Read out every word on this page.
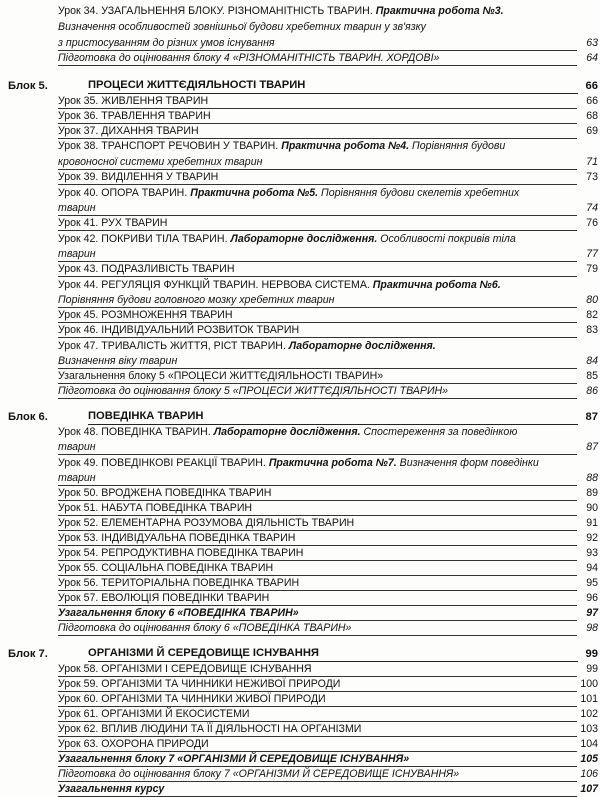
Урок 34. УЗАГАЛЬНЕННЯ БЛОКУ. РІЗНОМАНІТНІСТЬ ТВАРИН. Практична робота №3.
Визначення особливостей зовнішньої будови хребетних тварин у зв'язку
з пристосуванням до різних умов існування	63
Підготовка до оцінювання блоку 4 «РІЗНОМАНІТНІСТЬ ТВАРИН. ХОРДОВІ»	64
Блок 5.	ПРОЦЕСИ ЖИТТЄДІЯЛЬНОСТІ ТВАРИН	66
Урок 35. ЖИВЛЕННЯ ТВАРИН	66
Урок 36. ТРАВЛЕННЯ ТВАРИН	68
Урок 37. ДИХАННЯ ТВАРИН	69
Урок 38. ТРАНСПОРТ РЕЧОВИН У ТВАРИН. Практична робота №4. Порівняння будови
кровоносної системи хребетних тварин	71
Урок 39. ВИДІЛЕННЯ У ТВАРИН	73
Урок 40. ОПОРА ТВАРИН. Практична робота №5. Порівняння будови скелетів хребетних
тварин	74
Урок 41. РУХ ТВАРИН	76
Урок 42. ПОКРИВИ ТІЛА ТВАРИН. Лабораторне дослідження. Особливості покривів тіла
тварин	77
Урок 43. ПОДРАЗЛИВІСТЬ ТВАРИН	79
Урок 44. РЕГУЛЯЦІЯ ФУНКЦІЙ ТВАРИН. НЕРВОВА СИСТЕМА. Практична робота №6.
Порівняння будови головного мозку хребетних тварин	80
Урок 45. РОЗМНОЖЕННЯ ТВАРИН	82
Урок 46. ІНДИВІДУАЛЬНИЙ РОЗВИТОК ТВАРИН	83
Урок 47. ТРИВАЛІСТЬ ЖИТТЯ, РІСТ ТВАРИН. Лабораторне дослідження.
Визначення віку тварин	84
Узагальнення блоку 5 «ПРОЦЕСИ ЖИТТЄДІЯЛЬНОСТІ ТВАРИН»	85
Підготовка до оцінювання блоку 5 «ПРОЦЕСИ ЖИТТЄДІЯЛЬНОСТІ ТВАРИН»	86
Блок 6.	ПОВЕДІНКА ТВАРИН	87
Урок 48. ПОВЕДІНКА ТВАРИН. Лабораторне дослідження. Спостереження за поведінкою
тварин	87
Урок 49. ПОВЕДІНКОВІ РЕАКЦІЇ ТВАРИН. Практична робота №7. Визначення форм поведінки
тварин	88
Урок 50. ВРОДЖЕНА ПОВЕДІНКА ТВАРИН	89
Урок 51. НАБУТА ПОВЕДІНКА ТВАРИН	90
Урок 52. ЕЛЕМЕНТАРНА РОЗУМОВА ДІЯЛЬНІСТЬ ТВАРИН	91
Урок 53. ІНДИВІДУАЛЬНА ПОВЕДІНКА ТВАРИН	92
Урок 54. РЕПРОДУКТИВНА ПОВЕДІНКА ТВАРИН	93
Урок 55. СОЦІАЛЬНА ПОВЕДІНКА ТВАРИН	94
Урок 56. ТЕРИТОРІАЛЬНА ПОВЕДІНКА ТВАРИН	95
Урок 57. ЕВОЛЮЦІЯ ПОВЕДІНКИ ТВАРИН	96
Узагальнення блоку 6 «ПОВЕДІНКА ТВАРИН»	97
Підготовка до оцінювання блоку 6 «ПОВЕДІНКА ТВАРИН»	98
Блок 7.	ОРГАНІЗМИ Й СЕРЕДОВИЩЕ ІСНУВАННЯ	99
Урок 58. ОРГАНІЗМИ І СЕРЕДОВИЩЕ ІСНУВАННЯ	99
Урок 59. ОРГАНІЗМИ ТА ЧИННИКИ НЕЖИВОЇ ПРИРОДИ	100
Урок 60. ОРГАНІЗМИ ТА ЧИННИКИ ЖИВОЇ ПРИРОДИ	101
Урок 61. ОРГАНІЗМИ Й ЕКОСИСТЕМИ	102
Урок 62. ВПЛИВ ЛЮДИНИ ТА ЇЇ ДІЯЛЬНОСТІ НА ОРГАНІЗМИ	103
Урок 63. ОХОРОНА ПРИРОДИ	104
Узагальнення блоку 7 «ОРГАНІЗМИ Й СЕРЕДОВИЩЕ ІСНУВАННЯ»	105
Підготовка до оцінювання блоку 7 «ОРГАНІЗМИ Й СЕРЕДОВИЩЕ ІСНУВАННЯ»	106
Узагальнення курсу	107
